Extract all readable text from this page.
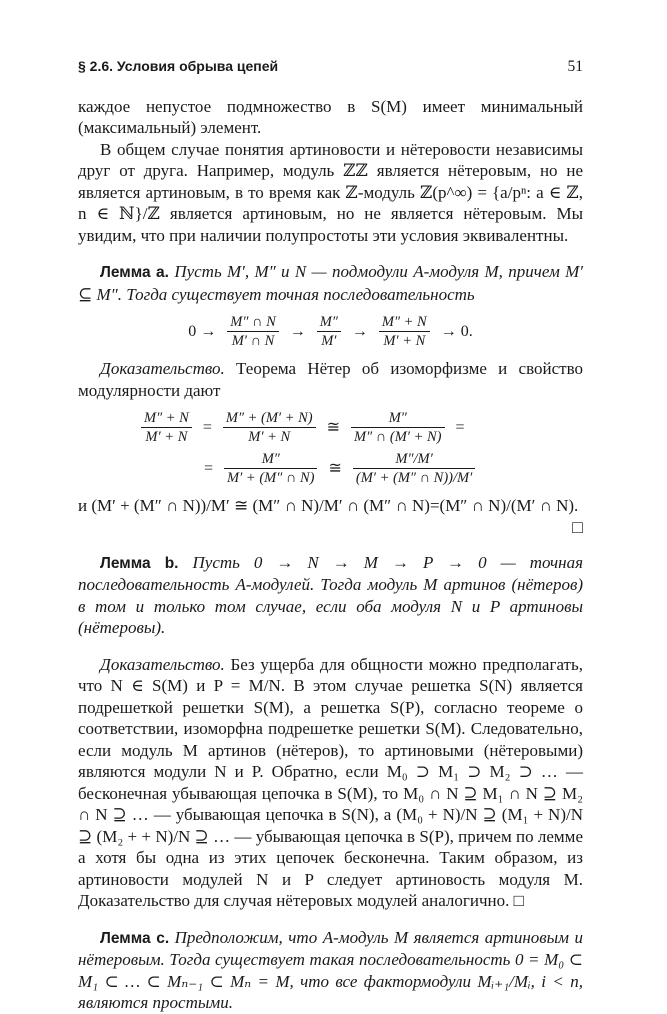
§ 2.6. Условия обрыва цепей	51

каждое непустое подмножество в S(M) имеет минимальный (максимальный) элемент.

В общем случае понятия артиновости и нётеровости независимы друг от друга. Например, модуль ℤℤ является нётеровым, но не является артиновым, в то время как ℤ-модуль ℤ(p^∞) = {a/pⁿ: a ∈ ℤ, n ∈ ℕ}/ℤ является артиновым, но не является нётеровым. Мы увидим, что при наличии полупростоты эти условия эквивалентны.

Лемма a. Пусть M′, M″ и N — подмодули A-модуля M, причем M′ ⊆ M″. Тогда существует точная последовательность

$0 \to \frac{M'' \cap N}{M' \cap N} \to \frac{M''}{M'} \to \frac{M'' + N}{M' + N} \to 0$.

Доказательство. Теорема Нётер об изоморфизме и свойство модулярности дают

$\frac{M'' + N}{M' + N} = \frac{M'' + (M' + N)}{M' + N}$ ≅ $\frac{M''}{M'' \cap (M' + N)}$ =
= $\frac{M''}{M' + (M'' \cap N)}$ ≅ $\frac{M''/M'}{(M' + (M'' \cap N))/M'}$

и (M′ + (M″ ∩ N))/M′ ≅ (M″ ∩ N)/M′ ∩ (M″ ∩ N)=(M″ ∩ N)/(M′ ∩ N).

□

Лемма b. Пусть 0 → N → M → P → 0 — точная последовательность A-модулей. Тогда модуль M артинов (нётеров) в том и только том случае, если оба модуля N и P артиновы (нётеровы).

Доказательство. Без ущерба для общности можно предполагать, что N ∈ S(M) и P = M/N. В этом случае решетка S(N) является подрешеткой решетки S(M), а решетка S(P), согласно теореме о соответствии, изоморфна подрешетке решетки S(M). Следовательно, если модуль M артинов (нётеров), то артиновыми (нётеровыми) являются модули N и P. Обратно, если M₀ ⊃ M₁ ⊃ M₂ ⊃ … — бесконечная убывающая цепочка в S(M), то M₀ ∩ N ⊇ M₁ ∩ N ⊇ M₂ ∩ N ⊇ … — убывающая цепочка в S(N), а (M₀ + N)/N ⊇ (M₁ + N)/N ⊇ (M₂ + + N)/N ⊇ … — убывающая цепочка в S(P), причем по лемме а хотя бы одна из этих цепочек бесконечна. Таким образом, из артиновости модулей N и P следует артиновость модуля M. Доказательство для случая нётеровых модулей аналогично. □

Лемма c. Предположим, что A-модуль M является артиновым и нётеровым. Тогда существует такая последовательность 0 = M₀ ⊂ M₁ ⊂ … ⊂ Mₙ₋₁ ⊂ Mₙ = M, что все фактормодули Mᵢ₊₁/Mᵢ, i < n, являются простыми.
